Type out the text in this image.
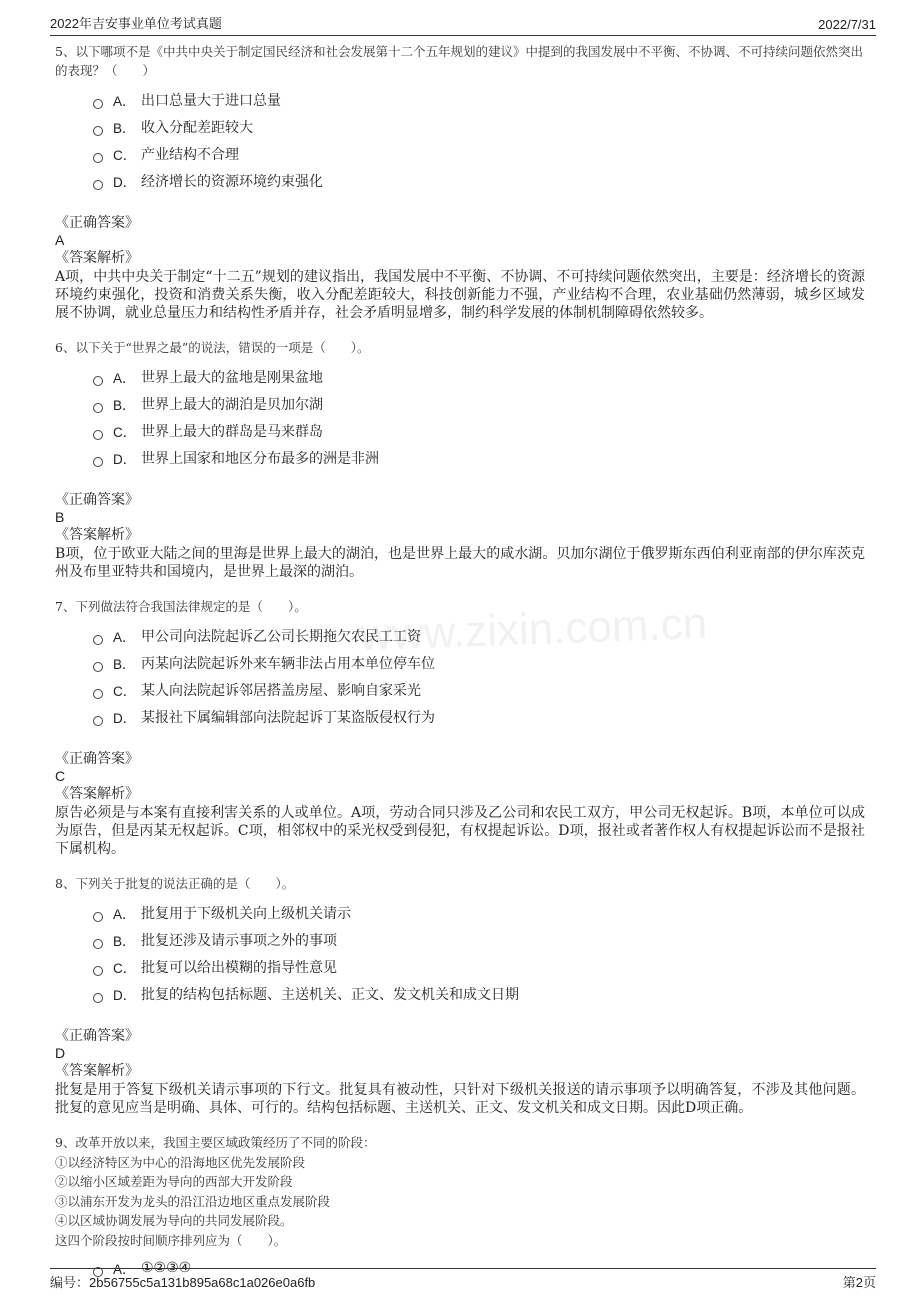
2022年吉安事业单位考试真题	2022/7/31
www.zixin.com.cn
5、以下哪项不是《中共中央关于制定国民经济和社会发展第十二个五年规划的建议》中提到的我国发展中不平衡、不协调、不可持续问题依然突出的表现？（　　）
A． 出口总量大于进口总量
B． 收入分配差距较大
C． 产业结构不合理
D． 经济增长的资源环境约束强化
《正确答案》
A
《答案解析》
A项，中共中央关于制定“十二五”规划的建议指出，我国发展中不平衡、不协调、不可持续问题依然突出，主要是：经济增长的资源环境约束强化，投资和消费关系失衡，收入分配差距较大，科技创新能力不强，产业结构不合理，农业基础仍然薄弱，城乡区域发展不协调，就业总量压力和结构性矛盾并存，社会矛盾明显增多，制约科学发展的体制机制障碍依然较多。
6、以下关于“世界之最”的说法，错误的一项是（　　）。
A． 世界上最大的盆地是刚果盆地
B． 世界上最大的湖泊是贝加尔湖
C． 世界上最大的群岛是马来群岛
D． 世界上国家和地区分布最多的洲是非洲
《正确答案》
B
《答案解析》
B项，位于欧亚大陆之间的里海是世界上最大的湖泊，也是世界上最大的咸水湖。贝加尔湖位于俄罗斯东西伯利亚南部的伊尔库茨克州及布里亚特共和国境内，是世界上最深的湖泊。
7、下列做法符合我国法律规定的是（　　）。
A． 甲公司向法院起诉乙公司长期拖欠农民工工资
B． 丙某向法院起诉外来车辆非法占用本单位停车位
C． 某人向法院起诉邻居搭盖房屋、影响自家采光
D． 某报社下属编辑部向法院起诉丁某盗版侵权行为
《正确答案》
C
《答案解析》
原告必须是与本案有直接利害关系的人或单位。A项，劳动合同只涉及乙公司和农民工双方，甲公司无权起诉。B项，本单位可以成为原告，但是丙某无权起诉。C项，相邻权中的采光权受到侵犯，有权提起诉讼。D项，报社或者著作权人有权提起诉讼而不是报社下属机构。
8、下列关于批复的说法正确的是（　　）。
A． 批复用于下级机关向上级机关请示
B． 批复还涉及请示事项之外的事项
C． 批复可以给出模糊的指导性意见
D． 批复的结构包括标题、主送机关、正文、发文机关和成文日期
《正确答案》
D
《答案解析》
批复是用于答复下级机关请示事项的下行文。批复具有被动性，只针对下级机关报送的请示事项予以明确答复，不涉及其他问题。批复的意见应当是明确、具体、可行的。结构包括标题、主送机关、正文、发文机关和成文日期。因此D项正确。
9、改革开放以来，我国主要区域政策经历了不同的阶段：
①以经济特区为中心的沿海地区优先发展阶段
②以缩小区域差距为导向的西部大开发阶段
③以浦东开发为龙头的沿江沿边地区重点发展阶段
④以区域协调发展为导向的共同发展阶段。
这四个阶段按时间顺序排列应为（　　）。
A． ①②③④
编号：2b56755c5a131b895a68c1a026e0a6fb	第2页
